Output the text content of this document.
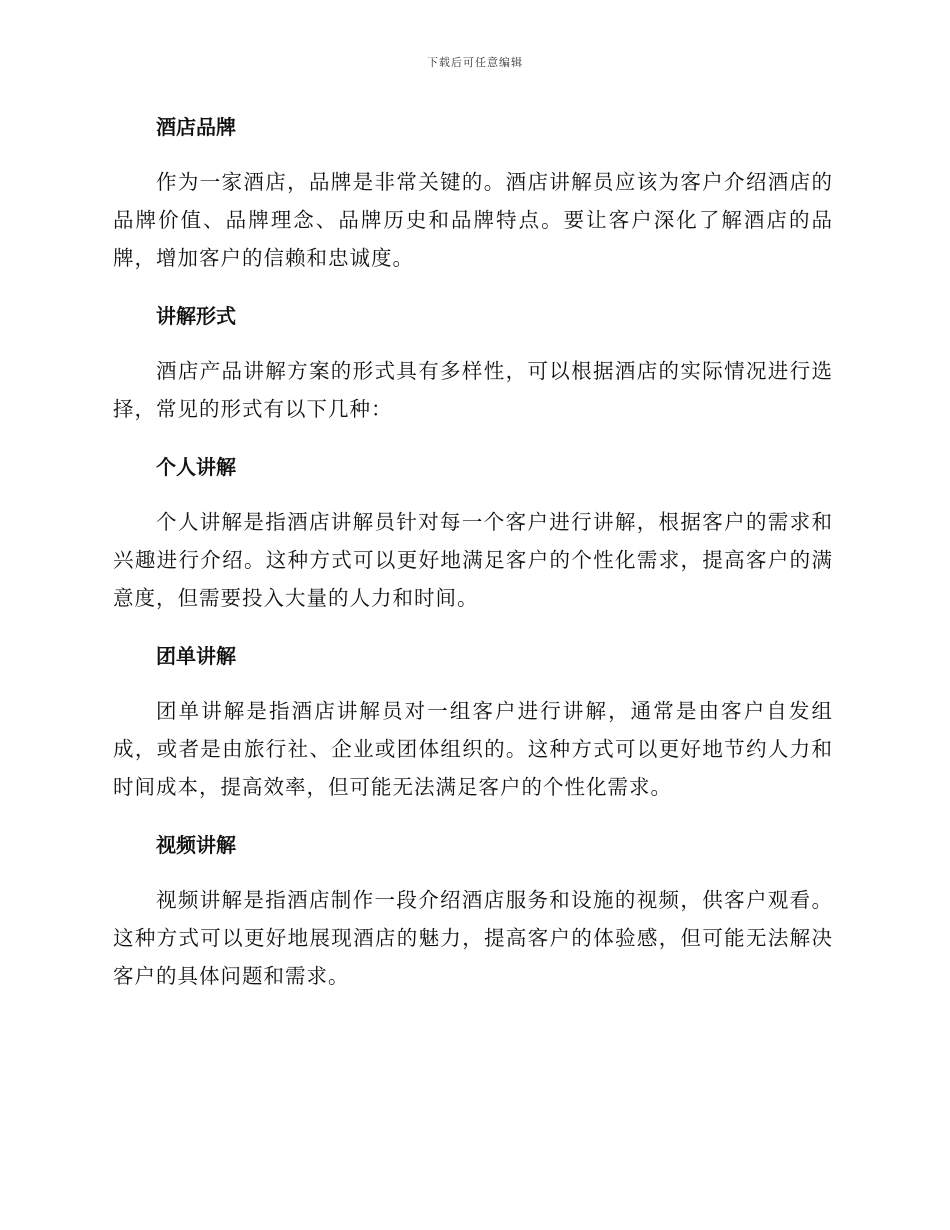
下载后可任意编辑
酒店品牌

作为一家酒店，品牌是非常关键的。酒店讲解员应该为客户介绍酒店的品牌价值、品牌理念、品牌历史和品牌特点。要让客户深化了解酒店的品牌，增加客户的信赖和忠诚度。

讲解形式

酒店产品讲解方案的形式具有多样性，可以根据酒店的实际情况进行选择，常见的形式有以下几种：

个人讲解

个人讲解是指酒店讲解员针对每一个客户进行讲解，根据客户的需求和兴趣进行介绍。这种方式可以更好地满足客户的个性化需求，提高客户的满意度，但需要投入大量的人力和时间。

团单讲解

团单讲解是指酒店讲解员对一组客户进行讲解，通常是由客户自发组成，或者是由旅行社、企业或团体组织的。这种方式可以更好地节约人力和时间成本，提高效率，但可能无法满足客户的个性化需求。

视频讲解

视频讲解是指酒店制作一段介绍酒店服务和设施的视频，供客户观看。这种方式可以更好地展现酒店的魅力，提高客户的体验感，但可能无法解决客户的具体问题和需求。
